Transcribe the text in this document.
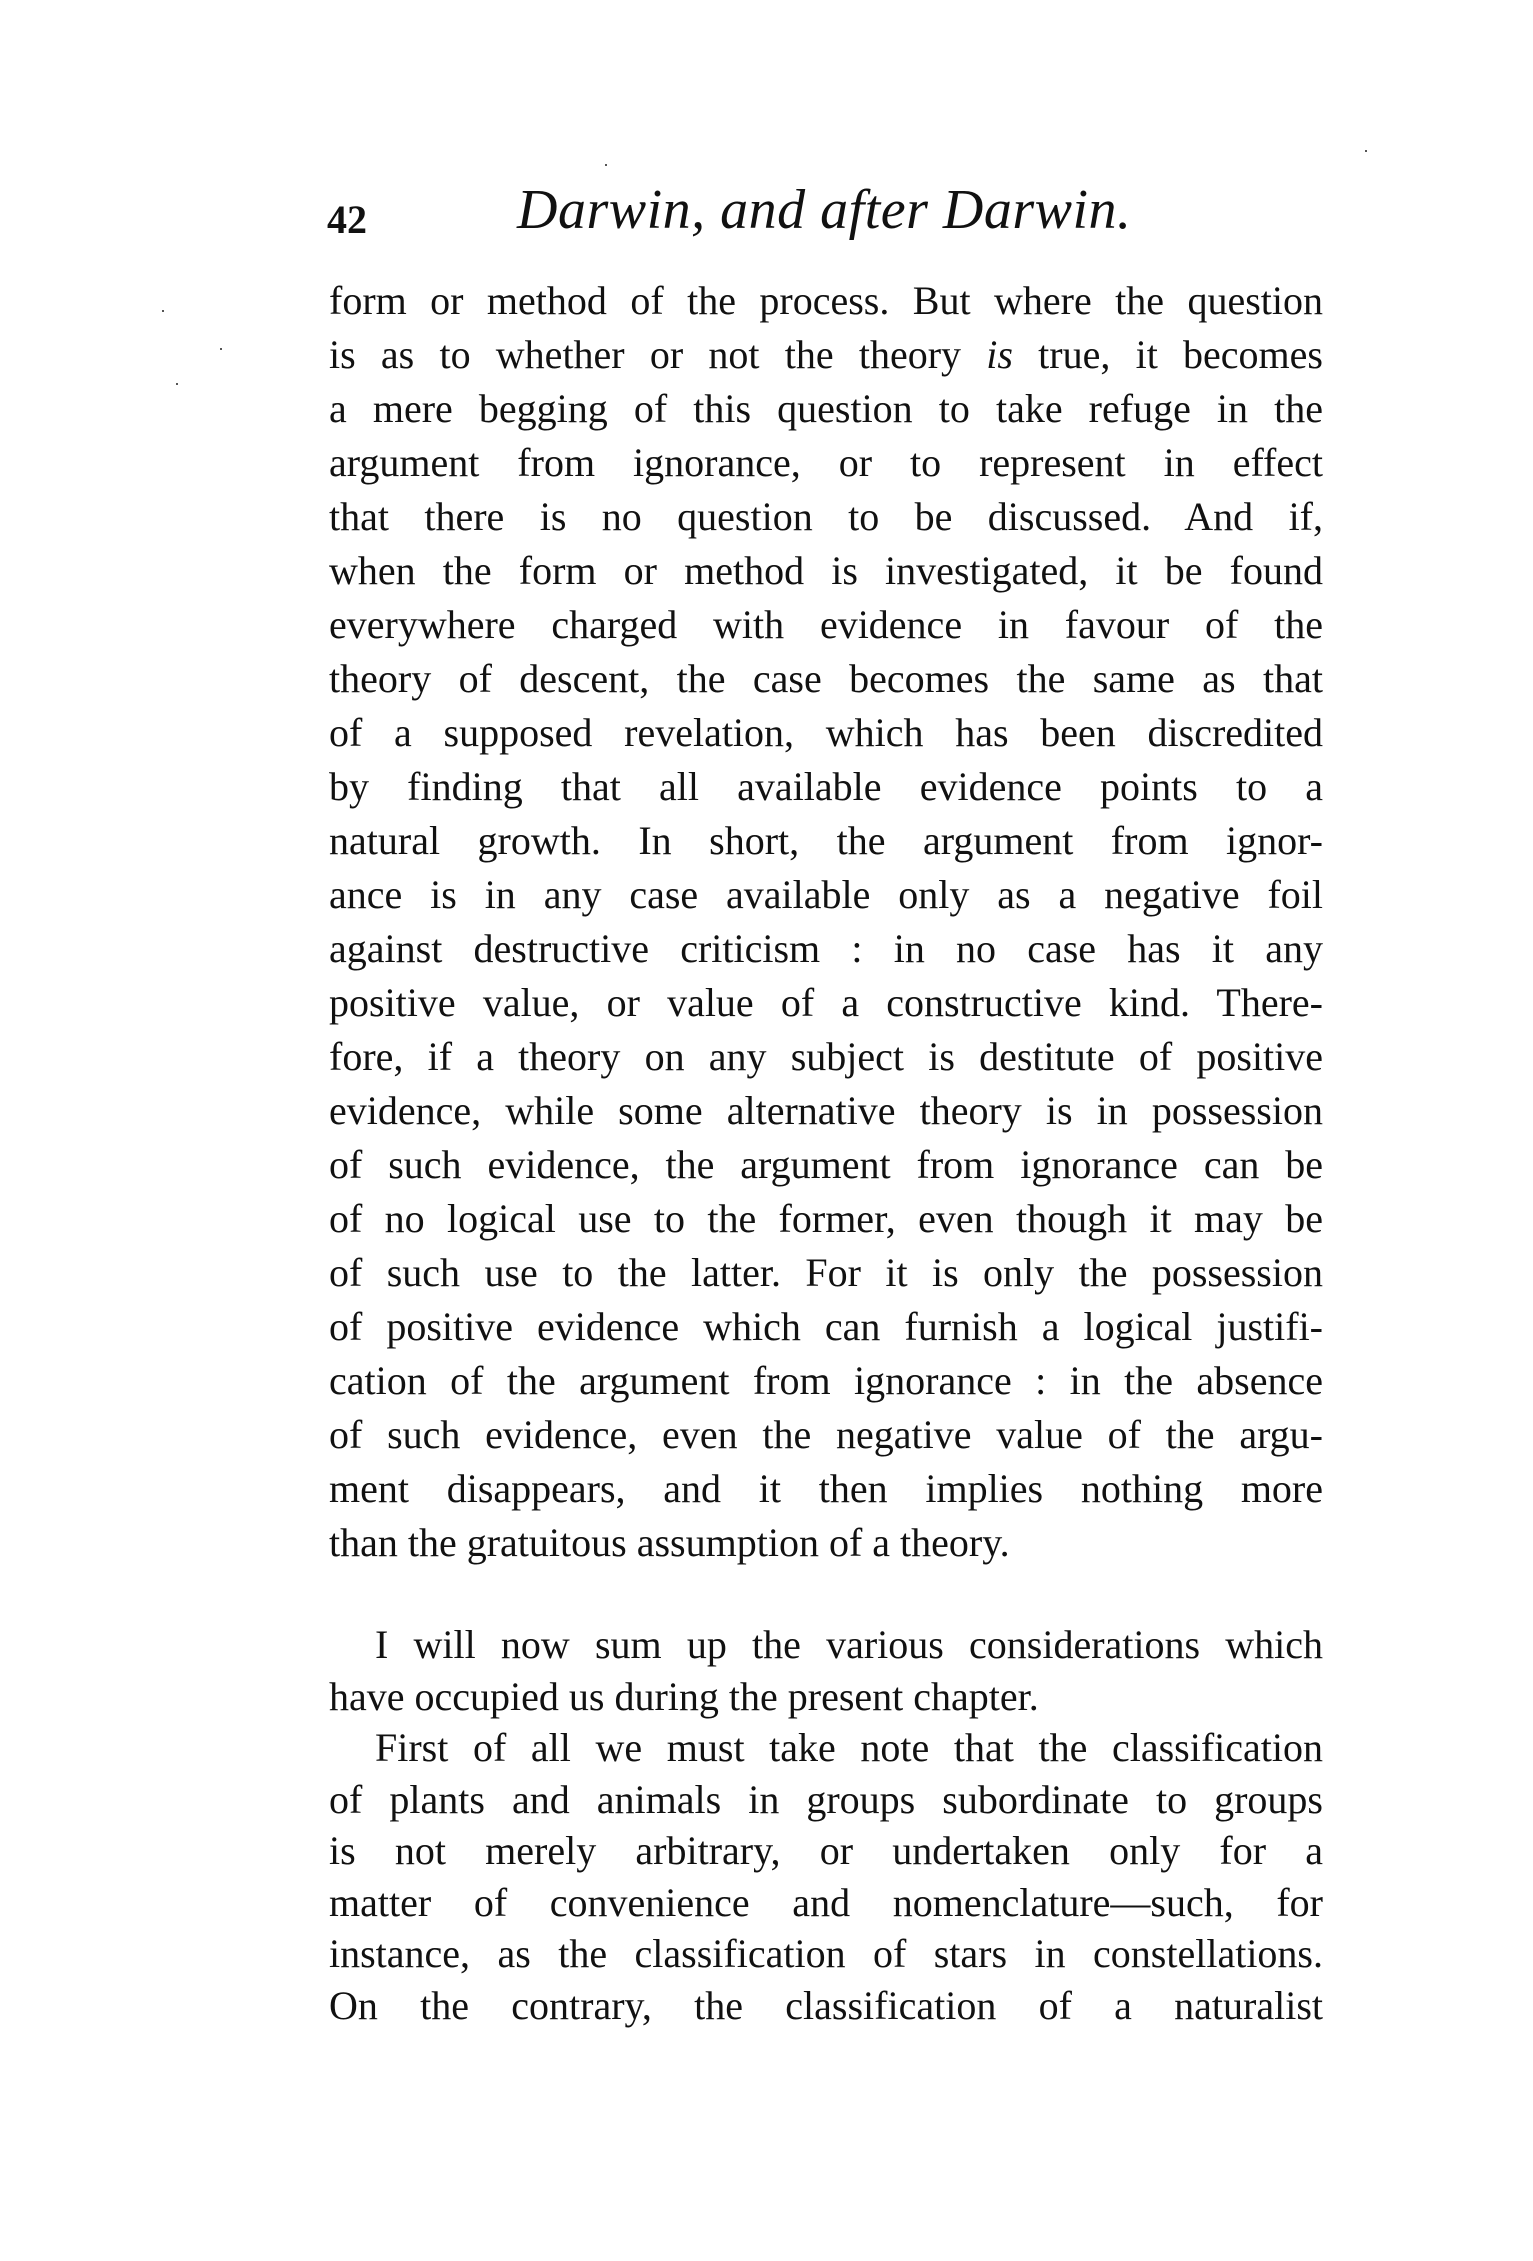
42	Darwin, and after Darwin.
form or method of the process. But where the question
is as to whether or not the theory is true, it becomes
a mere begging of this question to take refuge in the
argument from ignorance, or to represent in effect
that there is no question to be discussed. And if,
when the form or method is investigated, it be found
everywhere charged with evidence in favour of the
theory of descent, the case becomes the same as that
of a supposed revelation, which has been discredited
by finding that all available evidence points to a
natural growth. In short, the argument from ignor-
ance is in any case available only as a negative foil
against destructive criticism : in no case has it any
positive value, or value of a constructive kind. There-
fore, if a theory on any subject is destitute of positive
evidence, while some alternative theory is in possession
of such evidence, the argument from ignorance can be
of no logical use to the former, even though it may be
of such use to the latter. For it is only the possession
of positive evidence which can furnish a logical justifi-
cation of the argument from ignorance : in the absence
of such evidence, even the negative value of the argu-
ment disappears, and it then implies nothing more
than the gratuitous assumption of a theory.
I will now sum up the various considerations which
have occupied us during the present chapter.
First of all we must take note that the classification
of plants and animals in groups subordinate to groups
is not merely arbitrary, or undertaken only for a
matter of convenience and nomenclature—such, for
instance, as the classification of stars in constellations.
On the contrary, the classification of a naturalist
